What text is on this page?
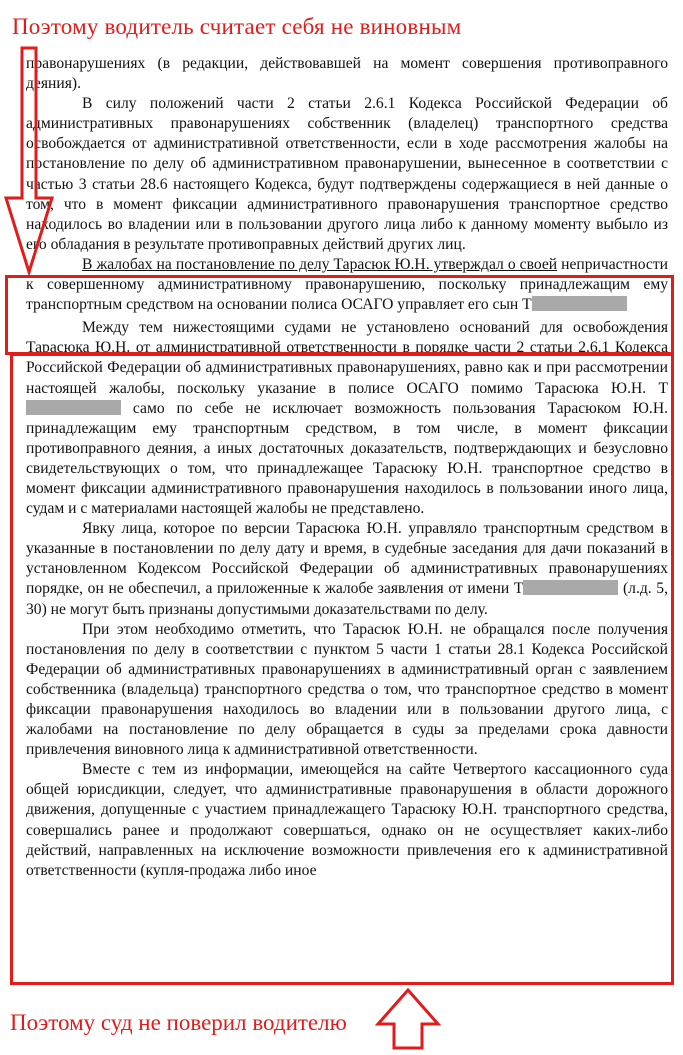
Поэтому водитель считает себя не виновным

правонарушениях (в редакции, действовавшей на момент совершения противоправного деяния).

В силу положений части 2 статьи 2.6.1 Кодекса Российской Федерации об административных правонарушениях собственник (владелец) транспортного средства освобождается от административной ответственности, если в ходе рассмотрения жалобы на постановление по делу об административном правонарушении, вынесенное в соответствии с частью 3 статьи 28.6 настоящего Кодекса, будут подтверждены содержащиеся в ней данные о том, что в момент фиксации административного правонарушения транспортное средство находилось во владении или в пользовании другого лица либо к данному моменту выбыло из его обладания в результате противоправных действий других лиц.

В жалобах на постановление по делу Тарасюк Ю.Н. утверждал о своей непричастности к совершенному административному правонарушению, поскольку принадлежащим ему транспортным средством на основании полиса ОСАГО управляет его сын Т

Между тем нижестоящими судами не установлено оснований для освобождения Тарасюка Ю.Н. от административной ответственности в порядке части 2 статьи 2.6.1 Кодекса Российской Федерации об административных правонарушениях, равно как и при рассмотрении настоящей жалобы, поскольку указание в полисе ОСАГО помимо Тарасюка Ю.Н. Т само по себе не исключает возможность пользования Тарасюком Ю.Н. принадлежащим ему транспортным средством, в том числе, в момент фиксации противоправного деяния, а иных достаточных доказательств, подтверждающих и безусловно свидетельствующих о том, что принадлежащее Тарасюку Ю.Н. транспортное средство в момент фиксации административного правонарушения находилось в пользовании иного лица, судам и с материалами настоящей жалобы не представлено.

Явку лица, которое по версии Тарасюка Ю.Н. управляло транспортным средством в указанные в постановлении по делу дату и время, в судебные заседания для дачи показаний в установленном Кодексом Российской Федерации об административных правонарушениях порядке, он не обеспечил, а приложенные к жалобе заявления от имени Т	(л.д. 5, 30) не могут быть признаны допустимыми доказательствами по делу.

При этом необходимо отметить, что Тарасюк Ю.Н. не обращался после получения постановления по делу в соответствии с пунктом 5 части 1 статьи 28.1 Кодекса Российской Федерации об административных правонарушениях в административный орган с заявлением собственника (владельца) транспортного средства о том, что транспортное средство в момент фиксации правонарушения находилось во владении или в пользовании другого лица, с жалобами на постановление по делу обращается в суды за пределами срока давности привлечения виновного лица к административной ответственности.

Вместе с тем из информации, имеющейся на сайте Четвертого кассационного суда общей юрисдикции, следует, что административные правонарушения в области дорожного движения, допущенные с участием принадлежащего Тарасюку Ю.Н. транспортного средства, совершались ранее и продолжают совершаться, однако он не осуществляет каких-либо действий, направленных на исключение возможности привлечения его к административной ответственности (купля-продажа либо иное

Поэтому суд не поверил водителю
